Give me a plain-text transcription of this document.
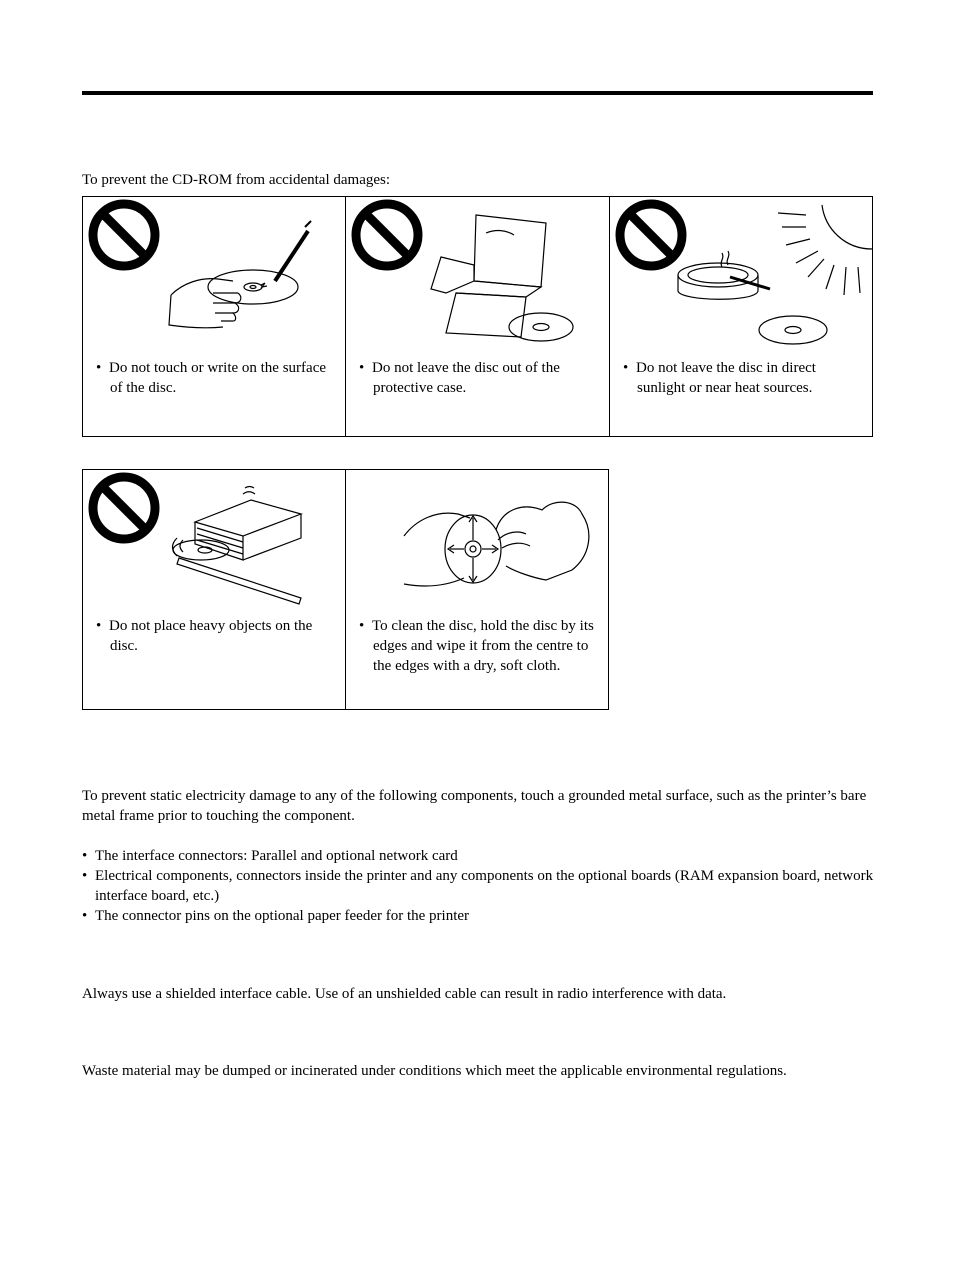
To prevent the CD-ROM from accidental damages:
• Do not touch or write on the surface of the disc.
• Do not leave the disc out of the protective case.
• Do not leave the disc in direct sunlight or near heat sources.
• Do not place heavy objects on the disc.
• To clean the disc, hold the disc by its edges and wipe it from the centre to the edges with a dry, soft cloth.
To prevent static electricity damage to any of the following components, touch a grounded metal surface, such as the printer’s bare metal frame prior to touching the component.
• The interface connectors: Parallel and optional network card
• Electrical components, connectors inside the printer and any components on the optional boards (RAM expansion board, network interface board, etc.)
• The connector pins on the optional paper feeder for the printer
Always use a shielded interface cable. Use of an unshielded cable can result in radio interference with data.
Waste material may be dumped or incinerated under conditions which meet the applicable environmental regulations.
